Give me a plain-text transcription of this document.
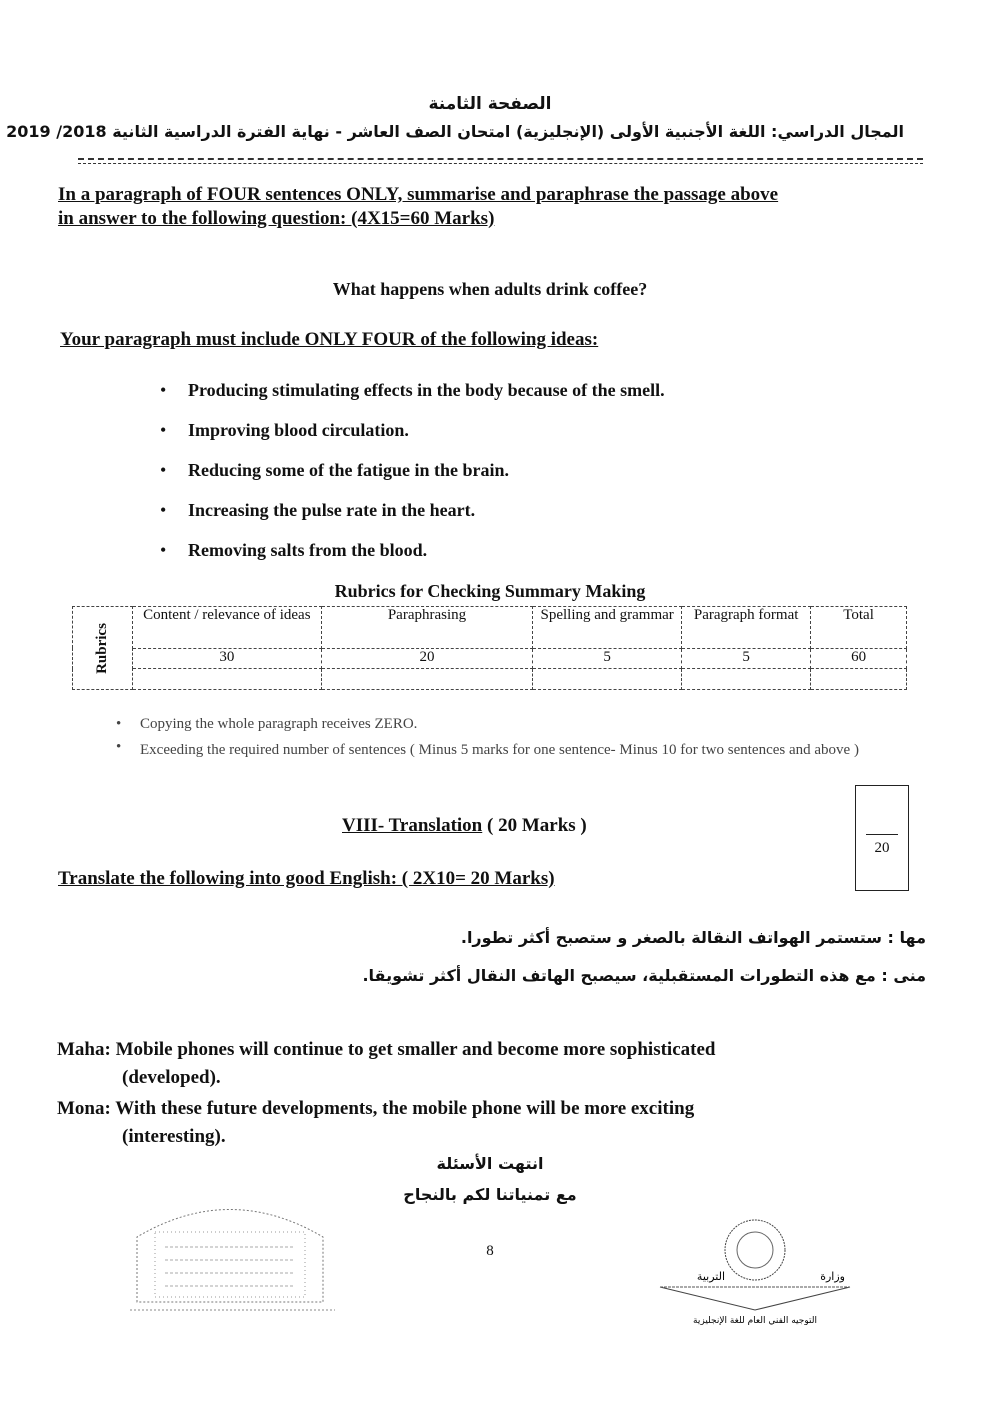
الصفحة الثامنة
المجال الدراسي: اللغة الأجنبية الأولى (الإنجليزية) امتحان الصف العاشر - نهاية الفترة الدراسية الثانية 2018/ 2019
In a paragraph of FOUR sentences ONLY, summarise and paraphrase the passage above
in answer to the following question: (4X15=60 Marks)
What happens when adults drink coffee?
Your paragraph must include ONLY FOUR of the following ideas:
• Producing stimulating effects in the body because of the smell.
• Improving blood circulation.
• Reducing some of the fatigue in the brain.
• Increasing the pulse rate in the heart.
• Removing salts from the blood.
Rubrics for Checking Summary Making
Rubrics	Content / relevance of ideas	Paraphrasing	Spelling and grammar	Paragraph format	Total
	30	20	5	5	60

• Copying the whole paragraph receives ZERO.
• Exceeding the required number of sentences ( Minus 5 marks for one sentence- Minus 10 for two sentences and above )
VIII- Translation ( 20 Marks )
20
Translate the following into good English: ( 2X10= 20 Marks)
مها : ستستمر الهواتف النقالة بالصغر و ستصبح أكثر تطورا.
منى : مع هذه التطورات المستقبلية، سيصبح الهاتف النقال أكثر تشويقا.
Maha: Mobile phones will continue to get smaller and become more sophisticated
(developed).
Mona: With these future developments, the mobile phone will be more exciting
(interesting).
انتهت الأسئلة
مع تمنياتنا لكم بالنجاح
8
التربية	وزارة
التوجيه الفني العام للغة الإنجليزية
